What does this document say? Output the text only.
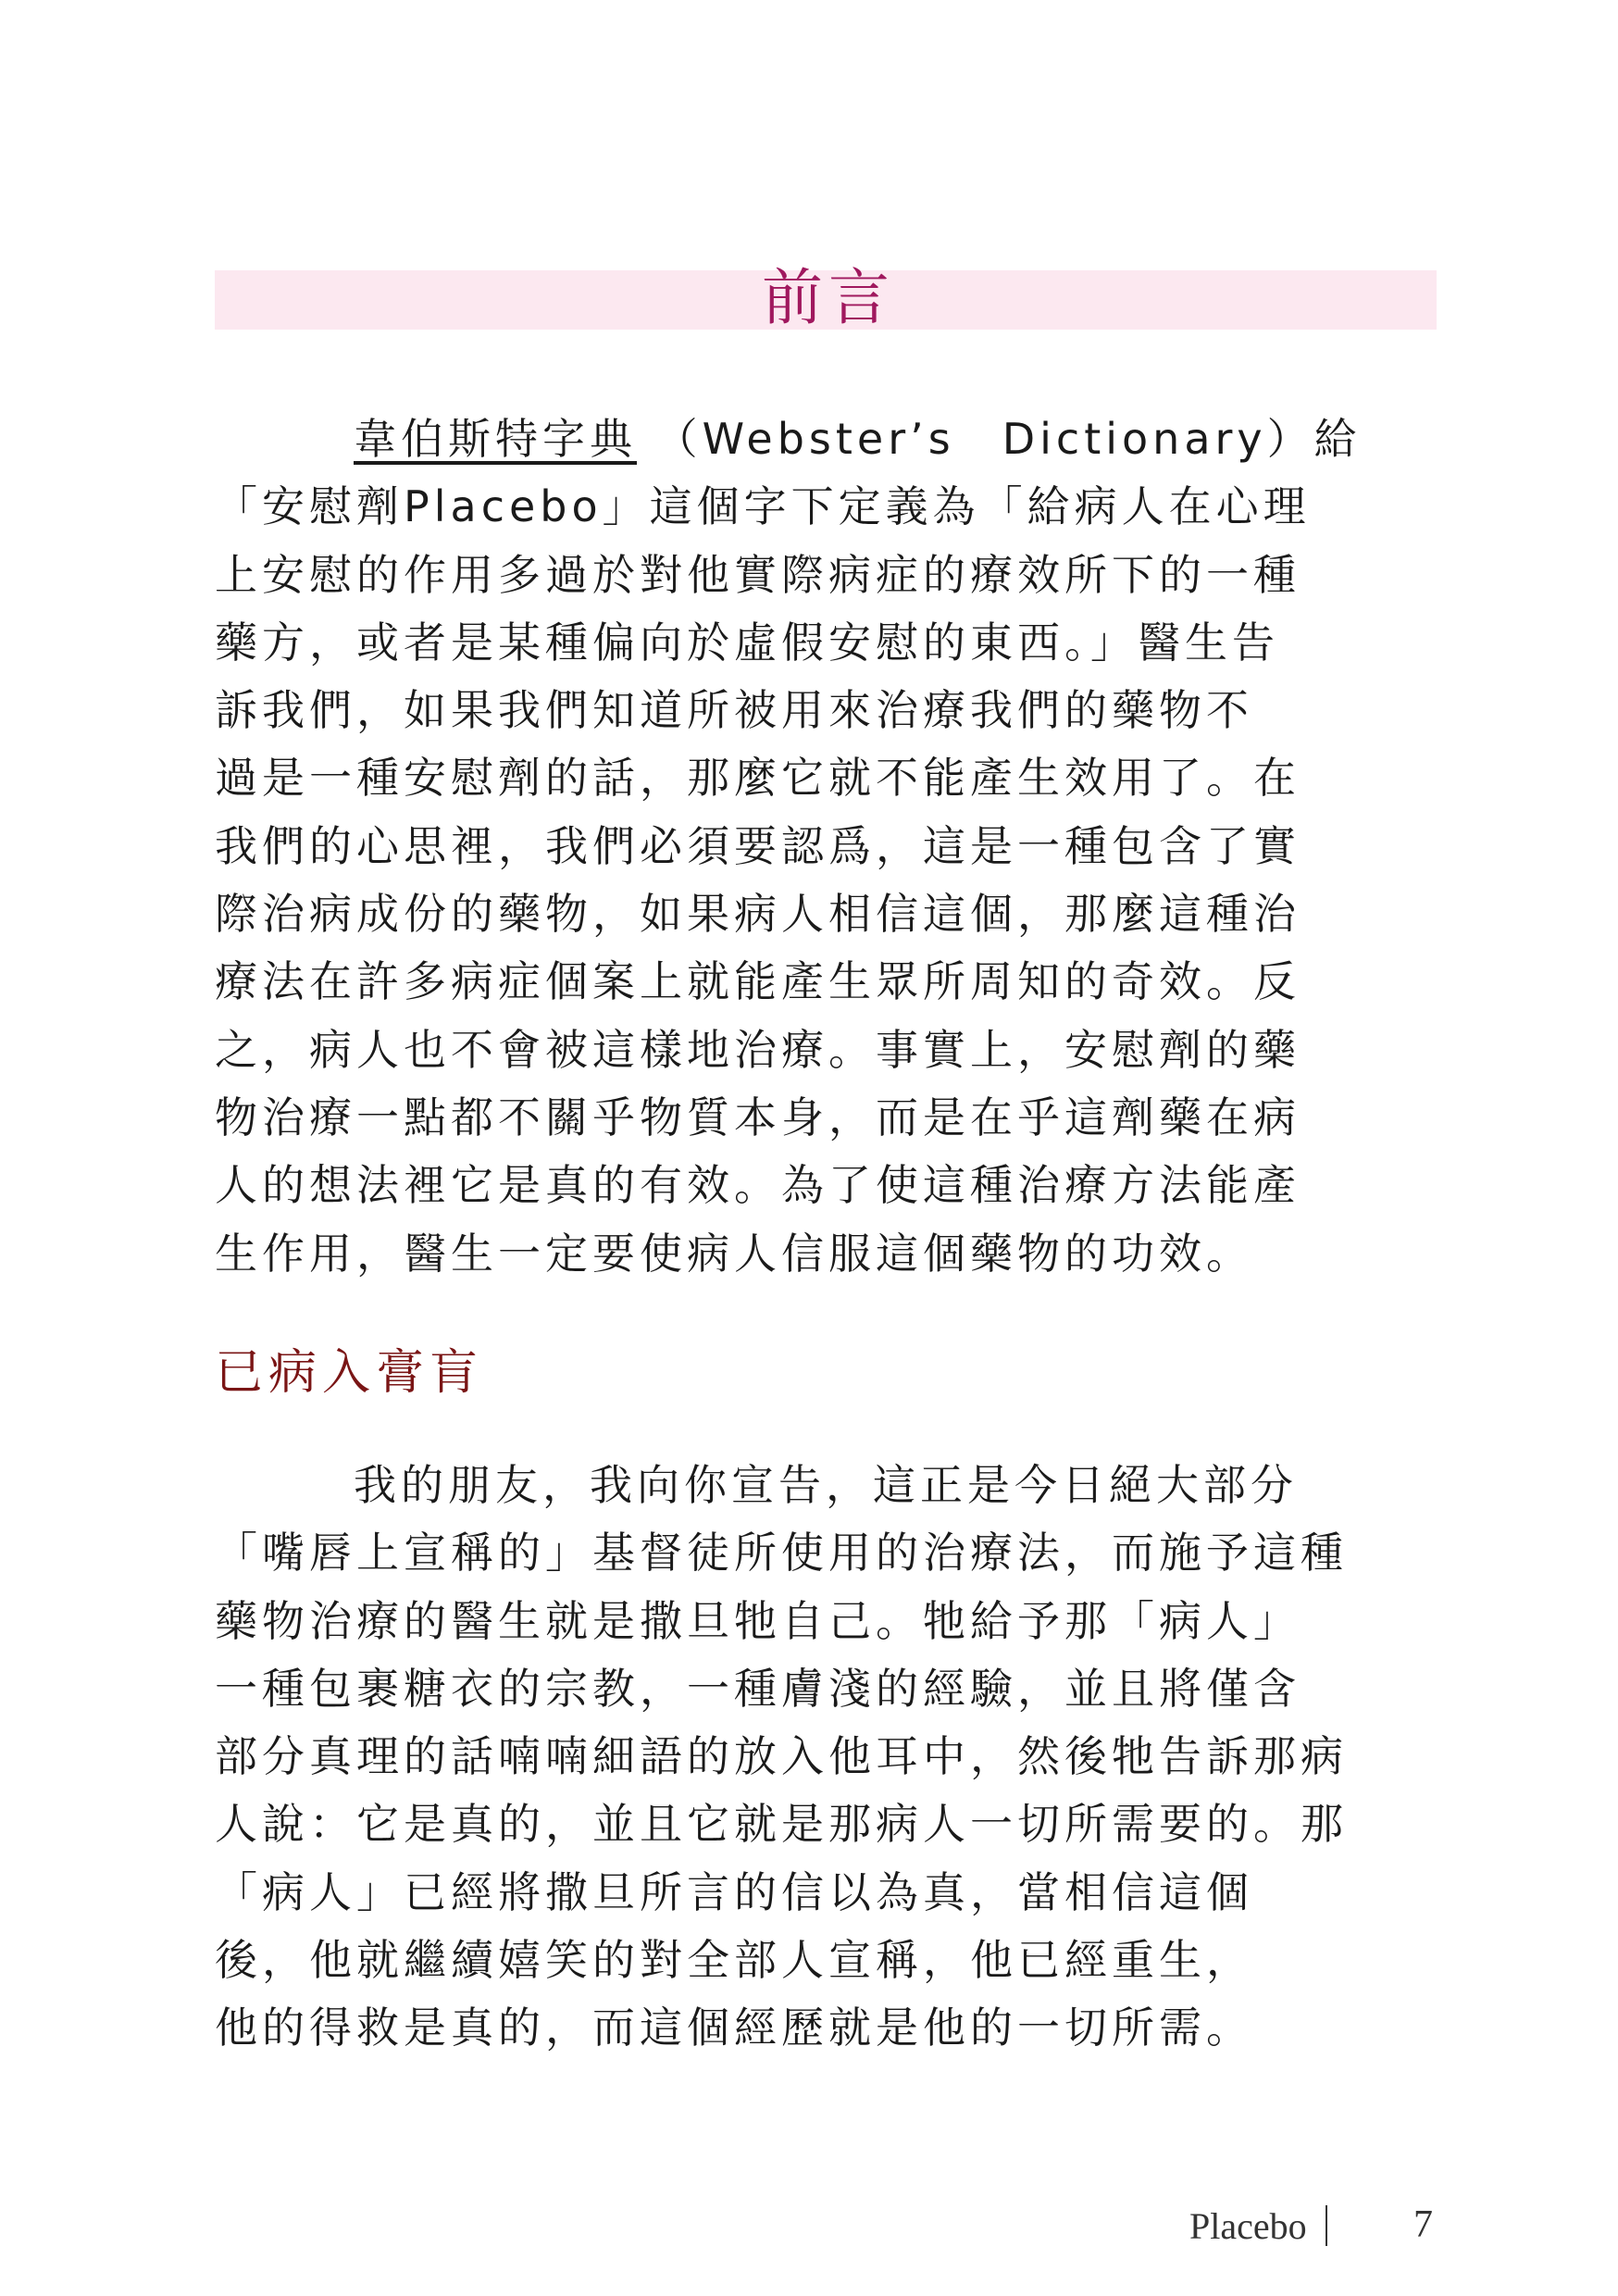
前言
韋伯斯特字典 （Webster’s　Dictionary）給
「安慰劑Placebo」這個字下定義為「給病人在心理
上安慰的作用多過於對他實際病症的療效所下的一種
藥方，或者是某種偏向於虛假安慰的東西。」醫生告
訴我們，如果我們知道所被用來治療我們的藥物不
過是一種安慰劑的話，那麼它就不能產生效用了。在
我們的心思裡，我們必須要認爲，這是一種包含了實
際治病成份的藥物，如果病人相信這個，那麼這種治
療法在許多病症個案上就能產生眾所周知的奇效。反
之，病人也不會被這樣地治療。事實上，安慰劑的藥
物治療一點都不關乎物質本身，而是在乎這劑藥在病
人的想法裡它是真的有效。為了使這種治療方法能產
生作用，醫生一定要使病人信服這個藥物的功效。
已病入膏肓
我的朋友，我向你宣告，這正是今日絕大部分
「嘴唇上宣稱的」基督徒所使用的治療法，而施予這種
藥物治療的醫生就是撒旦牠自己。牠給予那「病人」
一種包裹糖衣的宗教，一種膚淺的經驗，並且將僅含
部分真理的話喃喃細語的放入他耳中，然後牠告訴那病
人說：它是真的，並且它就是那病人一切所需要的。那
「病人」已經將撒旦所言的信以為真，當相信這個
後，他就繼續嬉笑的對全部人宣稱，他已經重生，
他的得救是真的，而這個經歷就是他的一切所需。
Placebo	7
